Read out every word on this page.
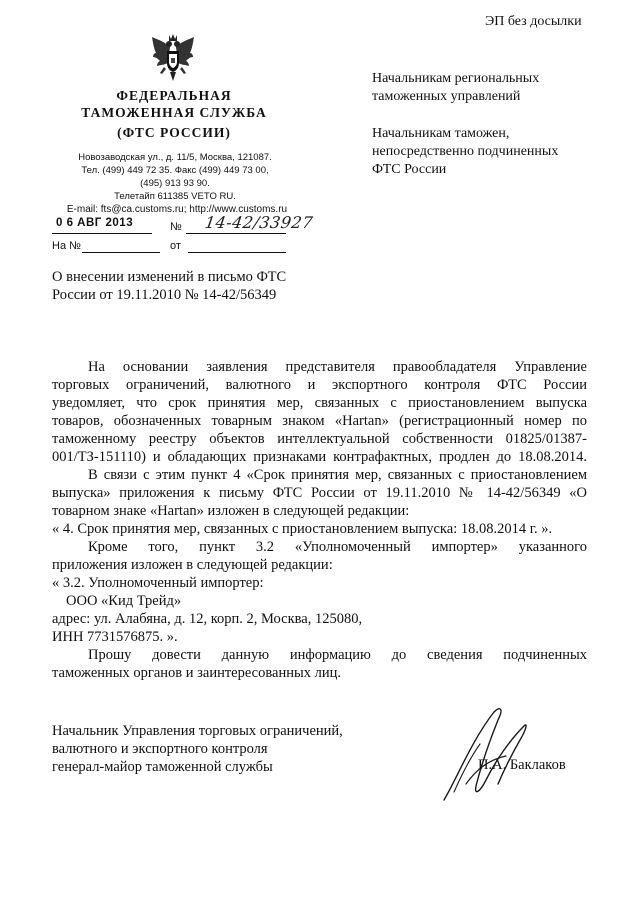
ЭП без досылки
ФЕДЕРАЛЬНАЯ
ТАМОЖЕННАЯ СЛУЖБА
(ФТС РОССИИ)
Новозаводская ул., д. 11/5, Москва, 121087.
Тел. (499) 449 72 35. Факс (499) 449 73 00,
(495) 913 93 90.
Телетайп 611385 VETO RU.
E-mail: fts@ca.customs.ru; http://www.customs.ru
0 6 АВГ 2013	№ 14-42/33927
На №	от
Начальникам региональных
таможенных управлений
Начальникам таможен,
непосредственно подчиненных
ФТС России
О внесении изменений в письмо ФТС
России от 19.11.2010 № 14-42/56349
На основании заявления представителя правообладателя Управление
торговых ограничений, валютного и экспортного контроля ФТС России
уведомляет, что срок принятия мер, связанных с приостановлением выпуска
товаров, обозначенных товарным знаком «Hartan» (регистрационный номер по
таможенному реестру объектов интеллектуальной собственности 01825/01387-
001/ТЗ-151110) и обладающих признаками контрафактных, продлен до 18.08.2014.
В связи с этим пункт 4 «Срок принятия мер, связанных с приостановлением
выпуска» приложения к письму ФТС России от 19.11.2010 № 14-42/56349 «О
товарном знаке «Hartan» изложен в следующей редакции:
« 4. Срок принятия мер, связанных с приостановлением выпуска: 18.08.2014 г. ».
Кроме того, пункт 3.2 «Уполномоченный импортер» указанного
приложения изложен в следующей редакции:
« 3.2. Уполномоченный импортер:
ООО «Кид Трейд»
адрес: ул. Алабяна, д. 12, корп. 2, Москва, 125080,
ИНН 7731576875. ».
Прошу довести данную информацию до сведения подчиненных
таможенных органов и заинтересованных лиц.
Начальник Управления торговых ограничений,
валютного и экспортного контроля
генерал-майор таможенной службы	П.А. Баклаков
